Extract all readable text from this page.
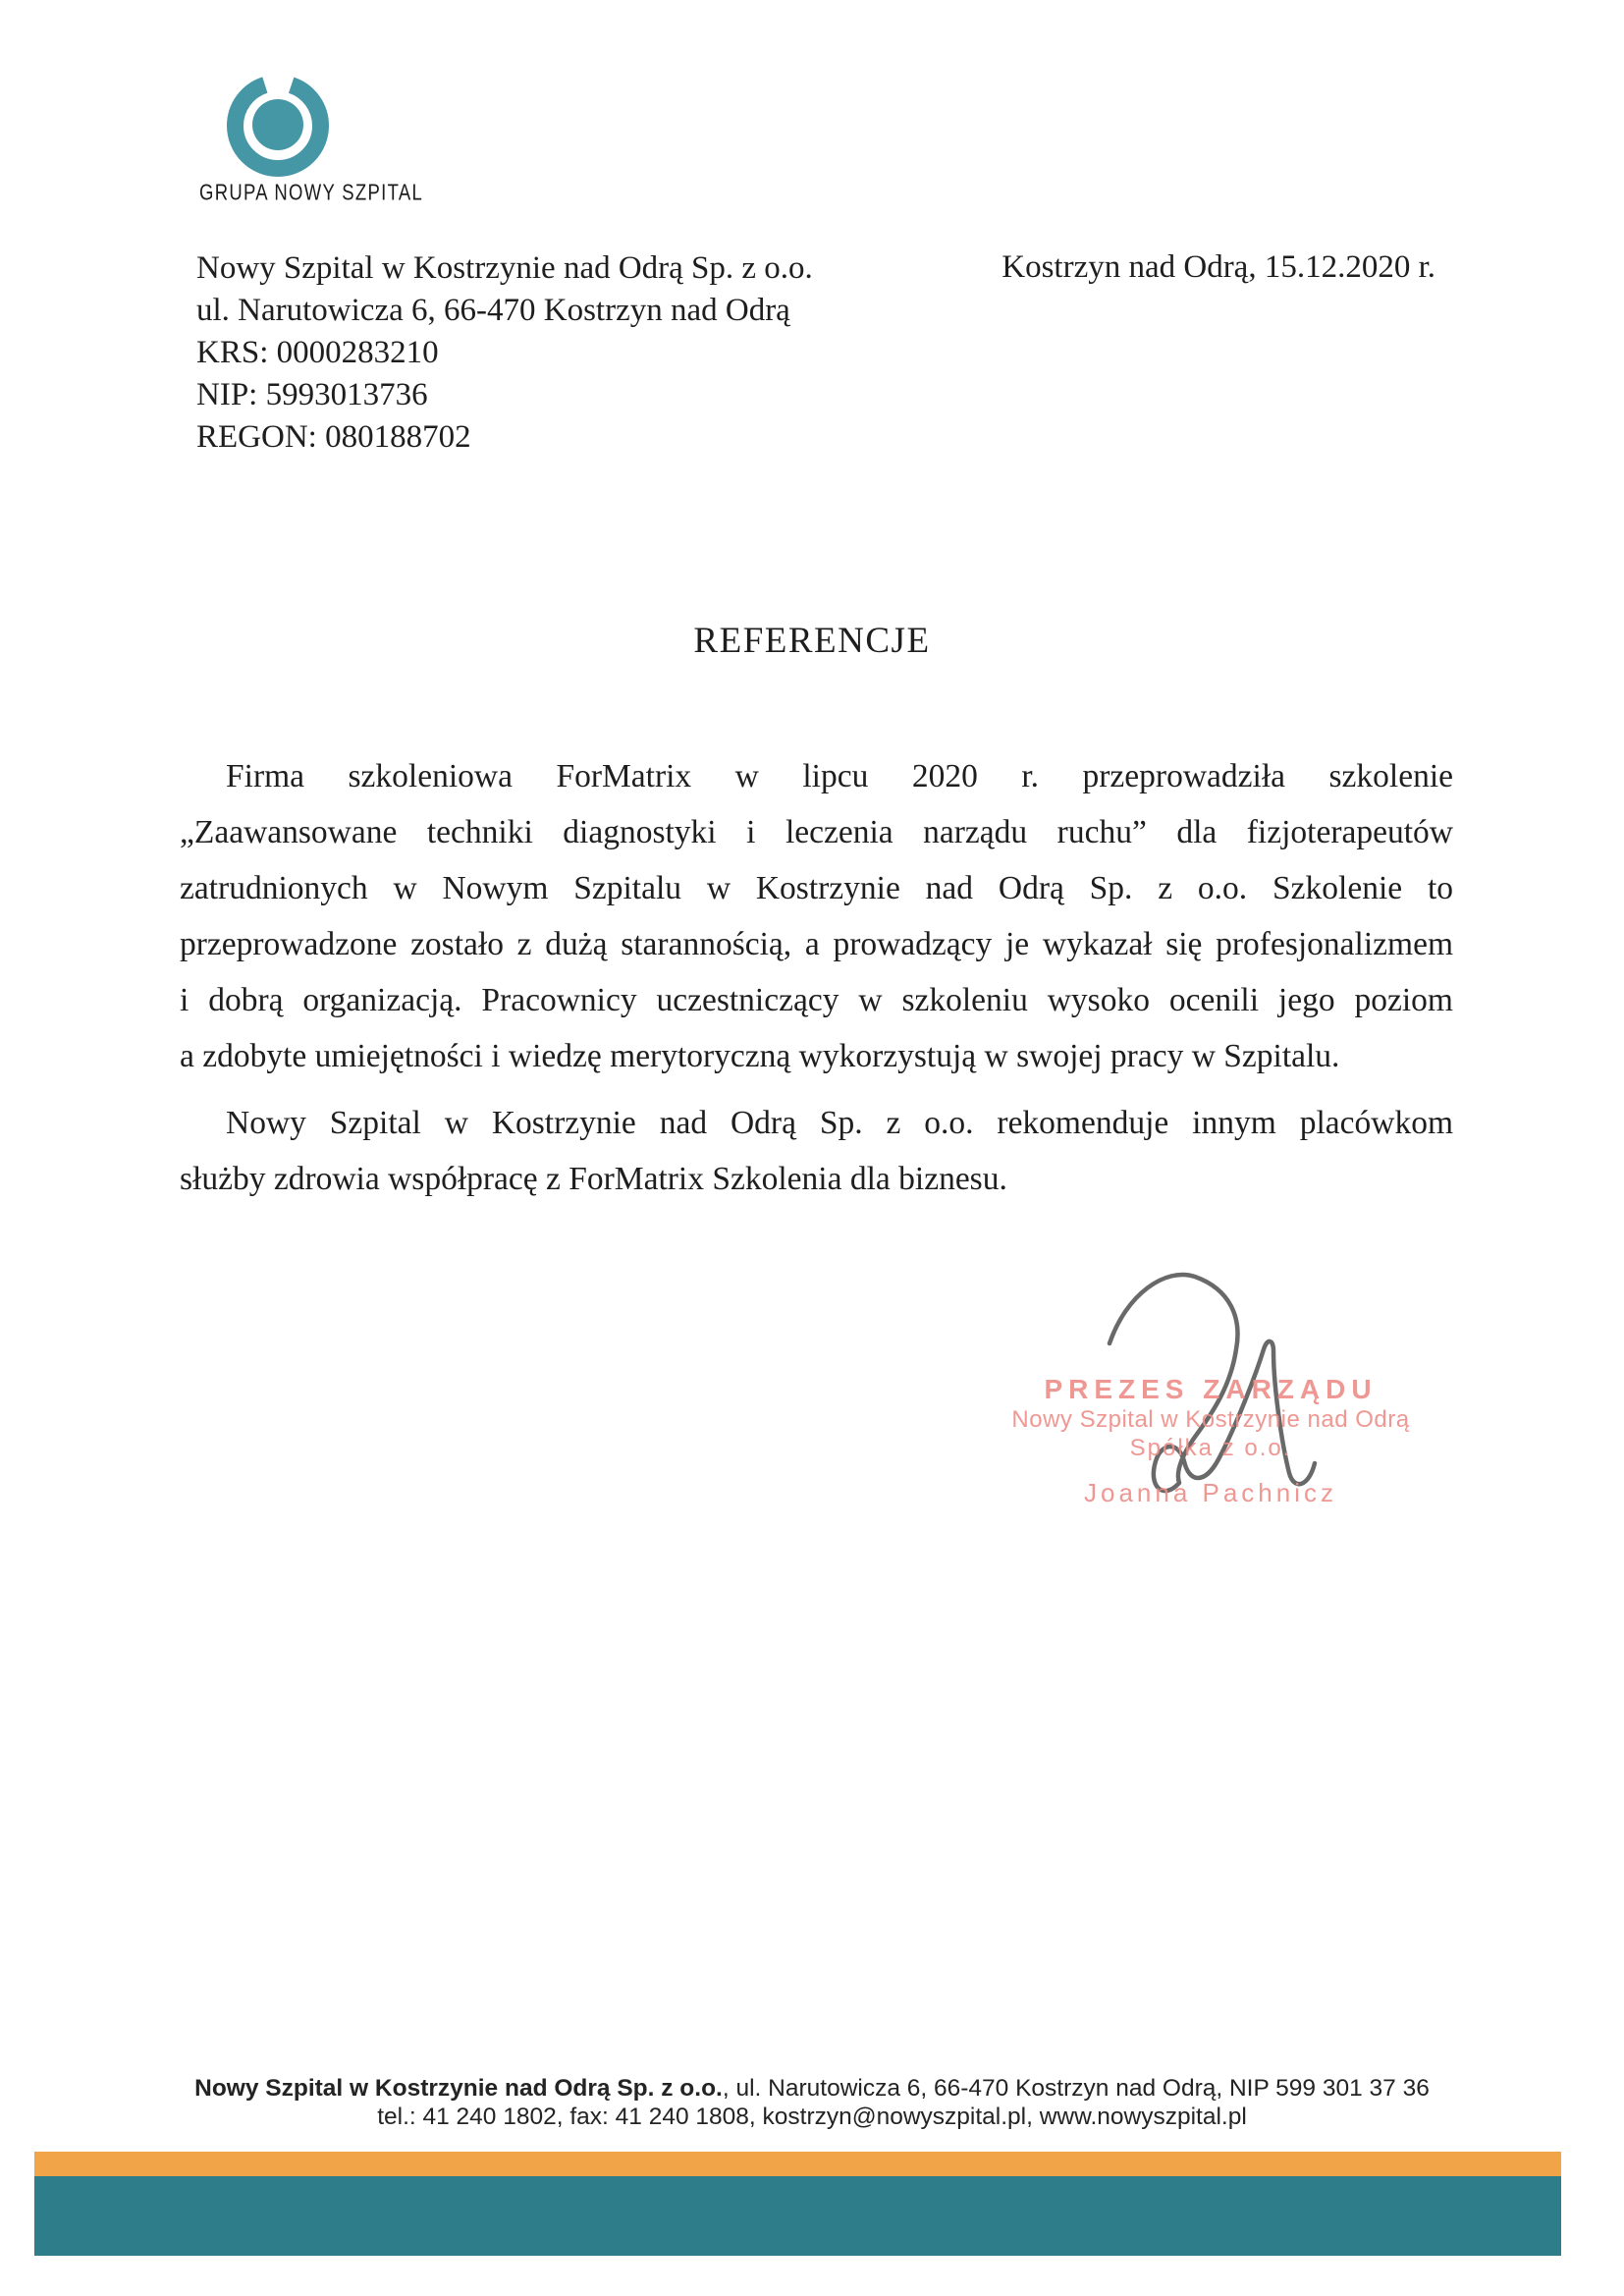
GRUPA NOWY SZPITAL
Nowy Szpital w Kostrzynie nad Odrą Sp. z o.o.
ul. Narutowicza 6, 66-470 Kostrzyn nad Odrą
KRS: 0000283210
NIP: 5993013736
REGON: 080188702
Kostrzyn nad Odrą, 15.12.2020 r.
REFERENCJE
Firma szkoleniowa ForMatrix w lipcu 2020 r. przeprowadziła szkolenie
„Zaawansowane techniki diagnostyki i leczenia narządu ruchu” dla fizjoterapeutów
zatrudnionych w Nowym Szpitalu w Kostrzynie nad Odrą Sp. z o.o. Szkolenie to
przeprowadzone zostało z dużą starannością, a prowadzący je wykazał się profesjonalizmem
i dobrą organizacją. Pracownicy uczestniczący w szkoleniu wysoko ocenili jego poziom
a zdobyte umiejętności i wiedzę merytoryczną wykorzystują w swojej pracy w Szpitalu.
Nowy Szpital w Kostrzynie nad Odrą Sp. z o.o. rekomenduje innym placówkom
służby zdrowia współpracę z ForMatrix Szkolenia dla biznesu.
PREZES ZARZĄDU
Nowy Szpital w Kostrzynie nad Odrą
Spółka z o.o.
Joanna Pachnicz
Nowy Szpital w Kostrzynie nad Odrą Sp. z o.o., ul. Narutowicza 6, 66-470 Kostrzyn nad Odrą, NIP 599 301 37 36
tel.: 41 240 1802, fax: 41 240 1808, kostrzyn@nowyszpital.pl, www.nowyszpital.pl
